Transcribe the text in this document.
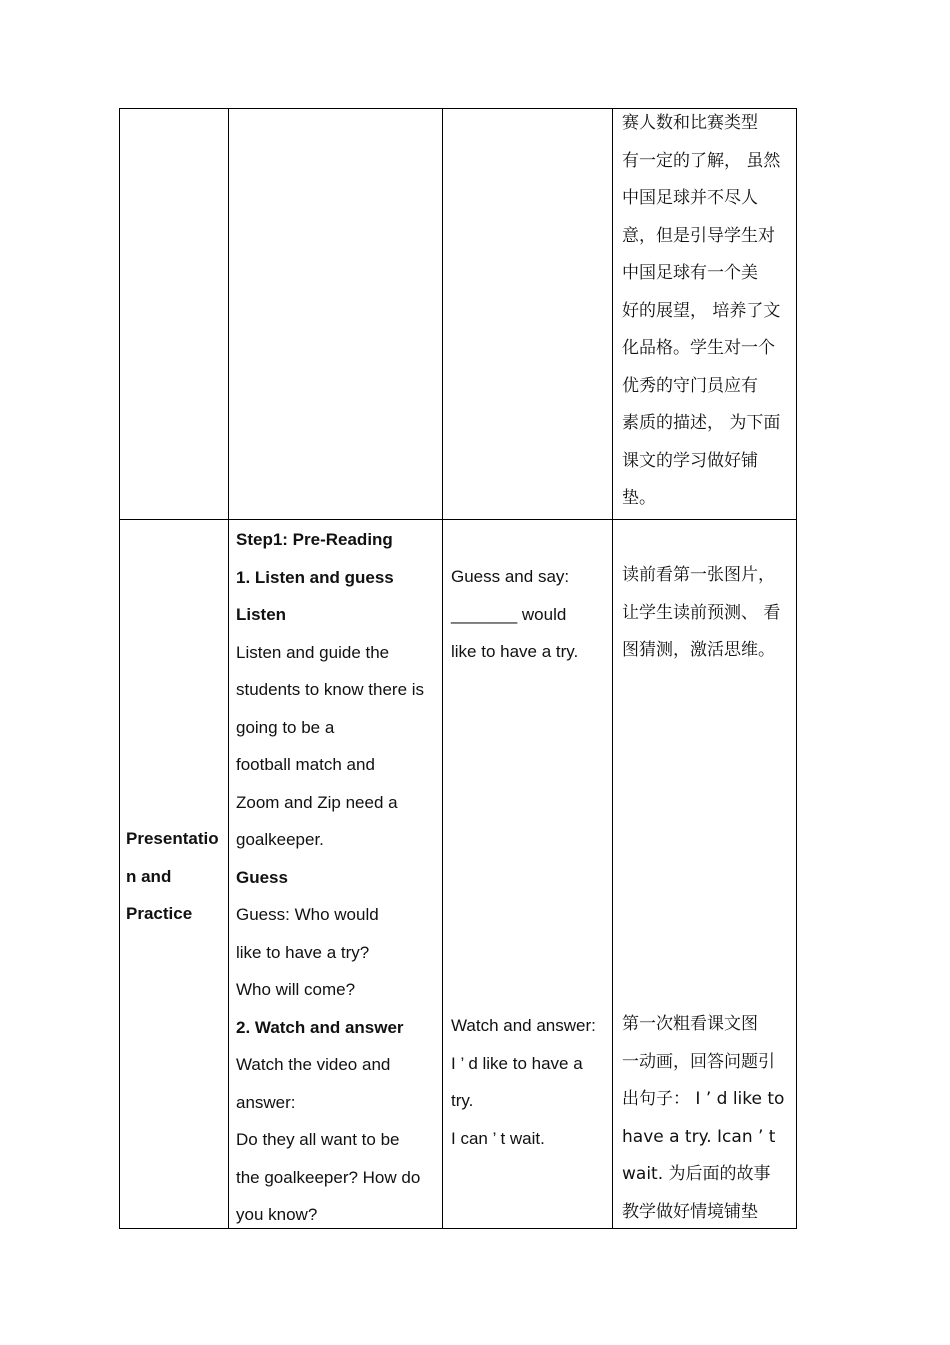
赛人数和比赛类型
有一定的了解， 虽然
中国足球并不尽人
意，但是引导学生对
中国足球有一个美
好的展望， 培养了文
化品格。学生对一个
优秀的守门员应有
素质的描述， 为下面
课文的学习做好铺
垫。
Presentatio
n and
Practice
Step1: Pre-Reading
1. Listen and guess
Listen
Listen and guide the
students to know there is
going to be a
football match and
Zoom and Zip need a
goalkeeper.
Guess
Guess: Who would
like to have a try?
Who will come?
2. Watch and answer
Watch the video and
answer:
Do they all want to be
the goalkeeper? How do
you know?
Guess and say:
_______ would
like to have a try.
Watch and answer:
I ’ d like to have a
try.
I can ’ t wait.
读前看第一张图片，
让学生读前预测、 看
图猜测，激活思维。
第一次粗看课文图
一动画，回答问题引
出句子： I ’ d like to
have a try. Ican ’ t
wait. 为后面的故事
教学做好情境铺垫
